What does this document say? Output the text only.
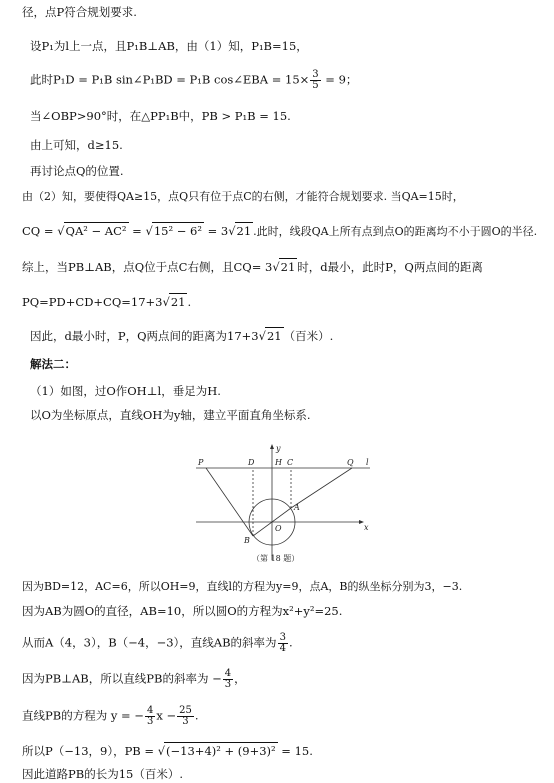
径，点P符合规划要求.
设P₁为l上一点，且P₁B⊥AB，由（1）知，P₁B=15，
此时P₁D = P₁B sin∠P₁BD = P₁B cos∠EBA = $15\times \frac{3}{5} = 9$；
当∠OBP>90°时，在△PP₁B中，PB > P₁B = 15.
由上可知，d≥15.
再讨论点Q的位置.
由（2）知，要使得QA≥15，点Q只有位于点C的右侧，才能符合规划要求. 当QA=15时，
CQ = √QA² − AC² = √15² − 6² = 3√21 .此时，线段QA上所有点到点O的距离均不小于圆O的半径.
综上，当PB⊥AB，点Q位于点C右侧，且CQ= 3√21 时，d最小，此时P，Q两点间的距离
PQ=PD+CD+CQ=17+3√21 .
因此，d最小时，P，Q两点间的距离为17+3√21 （百米）.
解法二：
（1）如图，过O作OH⊥l，垂足为H.
以O为坐标原点，直线OH为y轴，建立平面直角坐标系.
P	D	H C	Q l
y
A
O	x
B
（第 18 题）
因为BD=12，AC=6，所以OH=9，直线l的方程为y=9，点A，B的纵坐标分别为3，−3.
因为AB为圆O的直径，AB=10，所以圆O的方程为x²+y²=25.
从而A（4，3），B（−4，−3），直线AB的斜率为 $\frac{3}{4}$ .
因为PB⊥AB，所以直线PB的斜率为 − $\frac{4}{3}$ ，
直线PB的方程为 y = − $\frac{4}{3}$ $x - \frac{25}{3}$ .
所以P（−13，9），PB = √(−13+4)² + (9+3)² = 15.
因此道路PB的长为15（百米）.
